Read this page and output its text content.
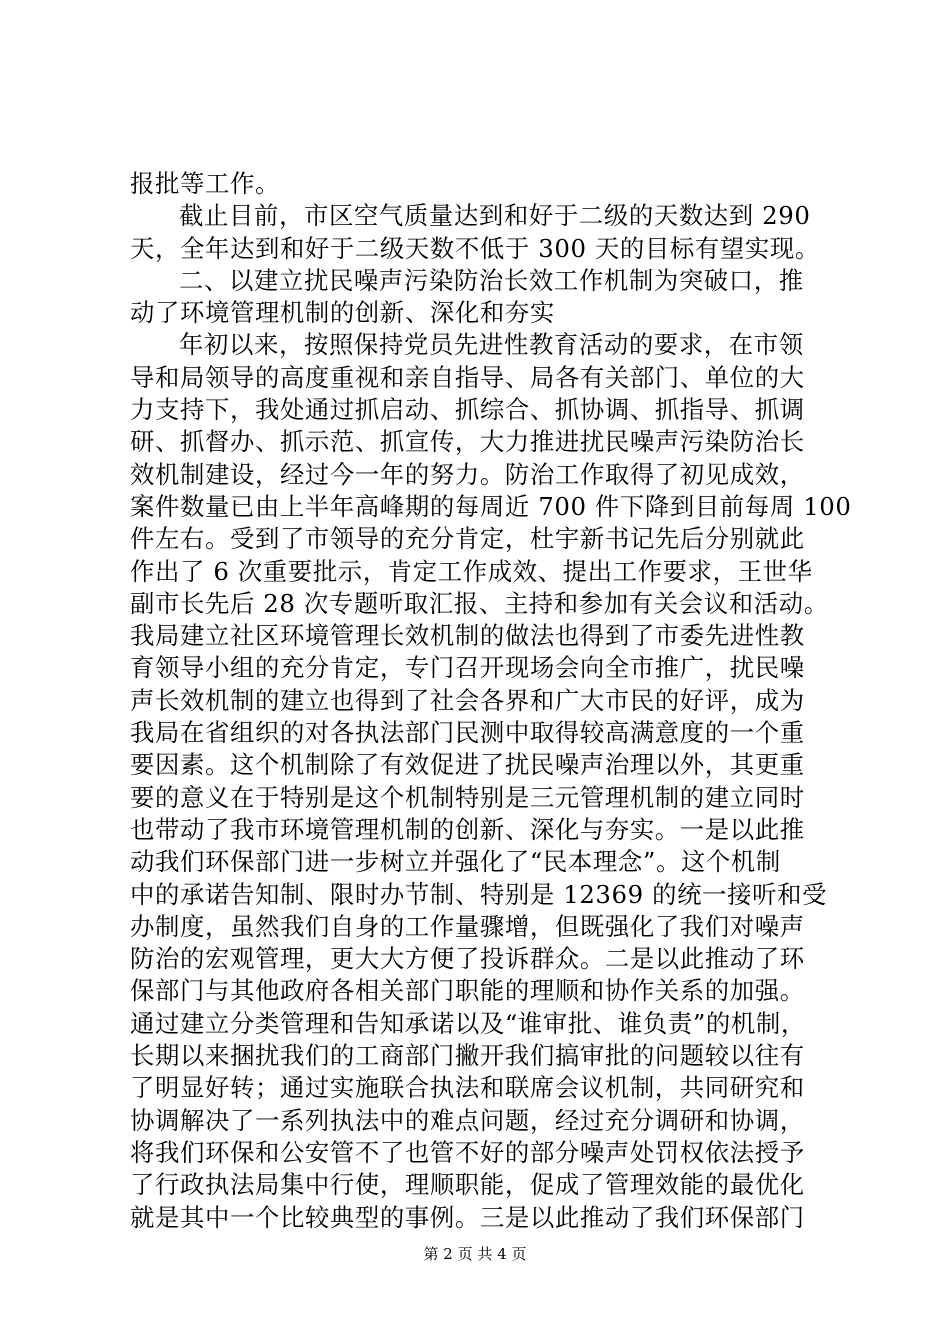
报批等工作。
截止目前，市区空气质量达到和好于二级的天数达到 290
天，全年达到和好于二级天数不低于 300 天的目标有望实现。
二、以建立扰民噪声污染防治长效工作机制为突破口，推
动了环境管理机制的创新、深化和夯实
年初以来，按照保持党员先进性教育活动的要求，在市领
导和局领导的高度重视和亲自指导、局各有关部门、单位的大
力支持下，我处通过抓启动、抓综合、抓协调、抓指导、抓调
研、抓督办、抓示范、抓宣传，大力推进扰民噪声污染防治长
效机制建设，经过今一年的努力。防治工作取得了初见成效，
案件数量已由上半年高峰期的每周近 700 件下降到目前每周 100
件左右。受到了市领导的充分肯定，杜宇新书记先后分别就此
作出了 6 次重要批示，肯定工作成效、提出工作要求，王世华
副市长先后 28 次专题听取汇报、主持和参加有关会议和活动。
我局建立社区环境管理长效机制的做法也得到了市委先进性教
育领导小组的充分肯定，专门召开现场会向全市推广，扰民噪
声长效机制的建立也得到了社会各界和广大市民的好评，成为
我局在省组织的对各执法部门民测中取得较高满意度的一个重
要因素。这个机制除了有效促进了扰民噪声治理以外，其更重
要的意义在于特别是这个机制特别是三元管理机制的建立同时
也带动了我市环境管理机制的创新、深化与夯实。一是以此推
动我们环保部门进一步树立并强化了“民本理念”。这个机制
中的承诺告知制、限时办节制、特别是 12369 的统一接听和受
办制度，虽然我们自身的工作量骤增，但既强化了我们对噪声
防治的宏观管理，更大大方便了投诉群众。二是以此推动了环
保部门与其他政府各相关部门职能的理顺和协作关系的加强。
通过建立分类管理和告知承诺以及“谁审批、谁负责”的机制，
长期以来捆扰我们的工商部门撇开我们搞审批的问题较以往有
了明显好转；通过实施联合执法和联席会议机制，共同研究和
协调解决了一系列执法中的难点问题，经过充分调研和协调，
将我们环保和公安管不了也管不好的部分噪声处罚权依法授予
了行政执法局集中行使，理顺职能，促成了管理效能的最优化
就是其中一个比较典型的事例。三是以此推动了我们环保部门
第 2 页 共 4 页
